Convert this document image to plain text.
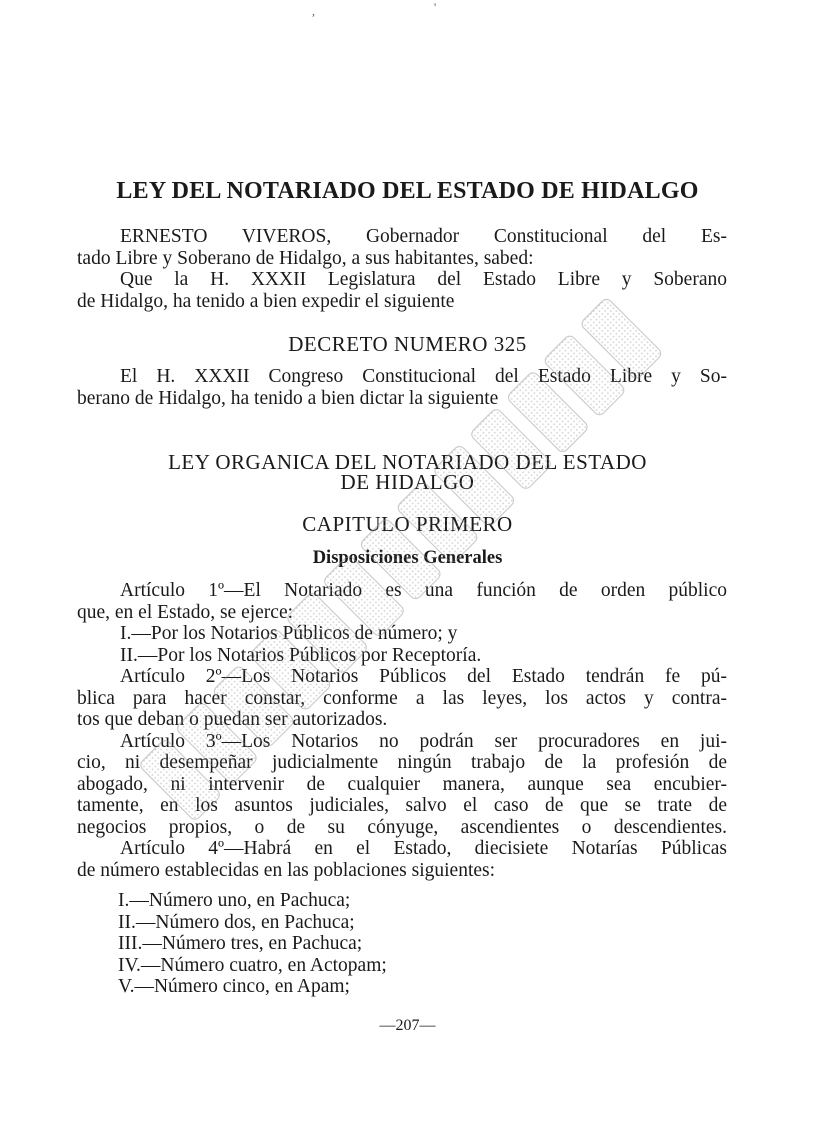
,	'
LEY DEL NOTARIADO DEL ESTADO DE HIDALGO
ERNESTO VIVEROS, Gobernador Constitucional del Es-
tado Libre y Soberano de Hidalgo, a sus habitantes, sabed:
Que la H. XXXII Legislatura del Estado Libre y Soberano
de Hidalgo, ha tenido a bien expedir el siguiente
DECRETO NUMERO 325
El H. XXXII Congreso Constitucional del Estado Libre y So-
berano de Hidalgo, ha tenido a bien dictar la siguiente
LEY ORGANICA DEL NOTARIADO DEL ESTADO
DE HIDALGO
CAPITULO PRIMERO
Disposiciones Generales
Artículo 1º—El Notariado es una función de orden público
que, en el Estado, se ejerce:
I.—Por los Notarios Públicos de número; y
II.—Por los Notarios Públicos por Receptoría.
Artículo 2º—Los Notarios Públicos del Estado tendrán fe pú-
blica para hacer constar, conforme a las leyes, los actos y contra-
tos que deban o puedan ser autorizados.
Artículo 3º—Los Notarios no podrán ser procuradores en jui-
cio, ni desempeñar judicialmente ningún trabajo de la profesión de
abogado, ni intervenir de cualquier manera, aunque sea encubier-
tamente, en los asuntos judiciales, salvo el caso de que se trate de
negocios propios, o de su cónyuge, ascendientes o descendientes.
Artículo 4º—Habrá en el Estado, diecisiete Notarías Públicas
de número establecidas en las poblaciones siguientes:
I.—Número uno, en Pachuca;
II.—Número dos, en Pachuca;
III.—Número tres, en Pachuca;
IV.—Número cuatro, en Actopam;
V.—Número cinco, en Apam;
—207—
